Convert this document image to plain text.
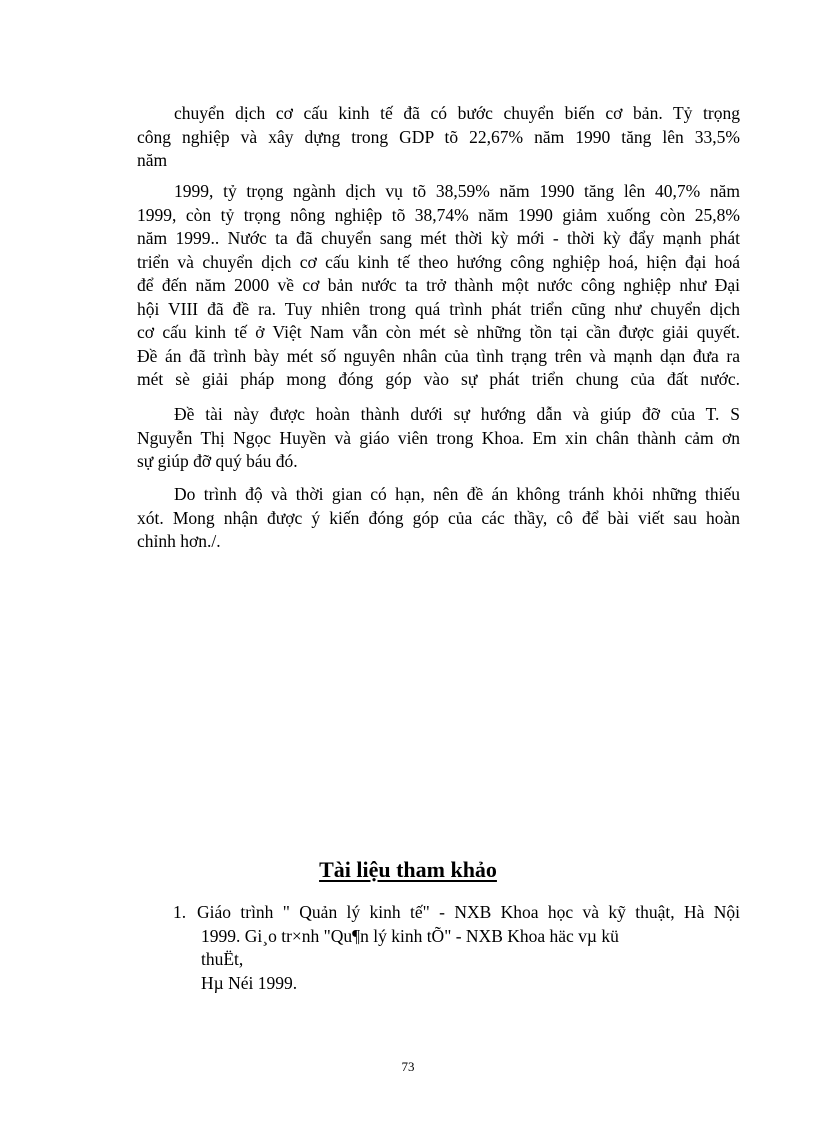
chuyển dịch cơ cấu kinh tế đã có bước chuyển biến cơ bản. Tỷ trọng
công nghiệp và xây dựng trong GDP tõ 22,67% năm 1990 tăng lên 33,5%
năm
1999, tỷ trọng ngành dịch vụ tõ 38,59% năm 1990 tăng lên 40,7% năm
1999, còn tỷ trọng nông nghiệp tõ 38,74% năm 1990 giảm xuống còn 25,8%
năm 1999.. Nước ta đã chuyển sang mét thời kỳ mới - thời kỳ đẩy mạnh phát
triển và chuyển dịch cơ cấu kinh tế theo hướng công nghiệp hoá, hiện đại hoá
để đến năm 2000 về cơ bản nước ta trở thành một nước công nghiệp như Đại
hội VIII đã đề ra. Tuy nhiên trong quá trình phát triển cũng như chuyển dịch
cơ cấu kinh tế ở Việt Nam vẫn còn mét sè những tồn tại cần được giải quyết.
Đề án đã trình bày mét số nguyên nhân của tình trạng trên và mạnh dạn đưa ra
mét sè giải pháp mong đóng góp vào sự phát triển chung của đất nước.
Đề tài này được hoàn thành dưới sự hướng dẫn và giúp đỡ của T. S
Nguyễn Thị Ngọc Huyền và giáo viên trong Khoa. Em xin chân thành cảm ơn
sự giúp đỡ quý báu đó.
Do trình độ và thời gian có hạn, nên đề án không tránh khỏi những thiếu
xót. Mong nhận được ý kiến đóng góp của các thầy, cô để bài viết sau hoàn
chỉnh hơn./.
Tài liệu tham khảo
1. Giáo trình " Quản lý kinh tế" - NXB Khoa học và kỹ thuật, Hà Nội
1999. Gi¸o tr×nh "Qu¶n lý kinh tÕ" - NXB Khoa häc vµ kü
thuËt,
Hµ Néi 1999.
73
